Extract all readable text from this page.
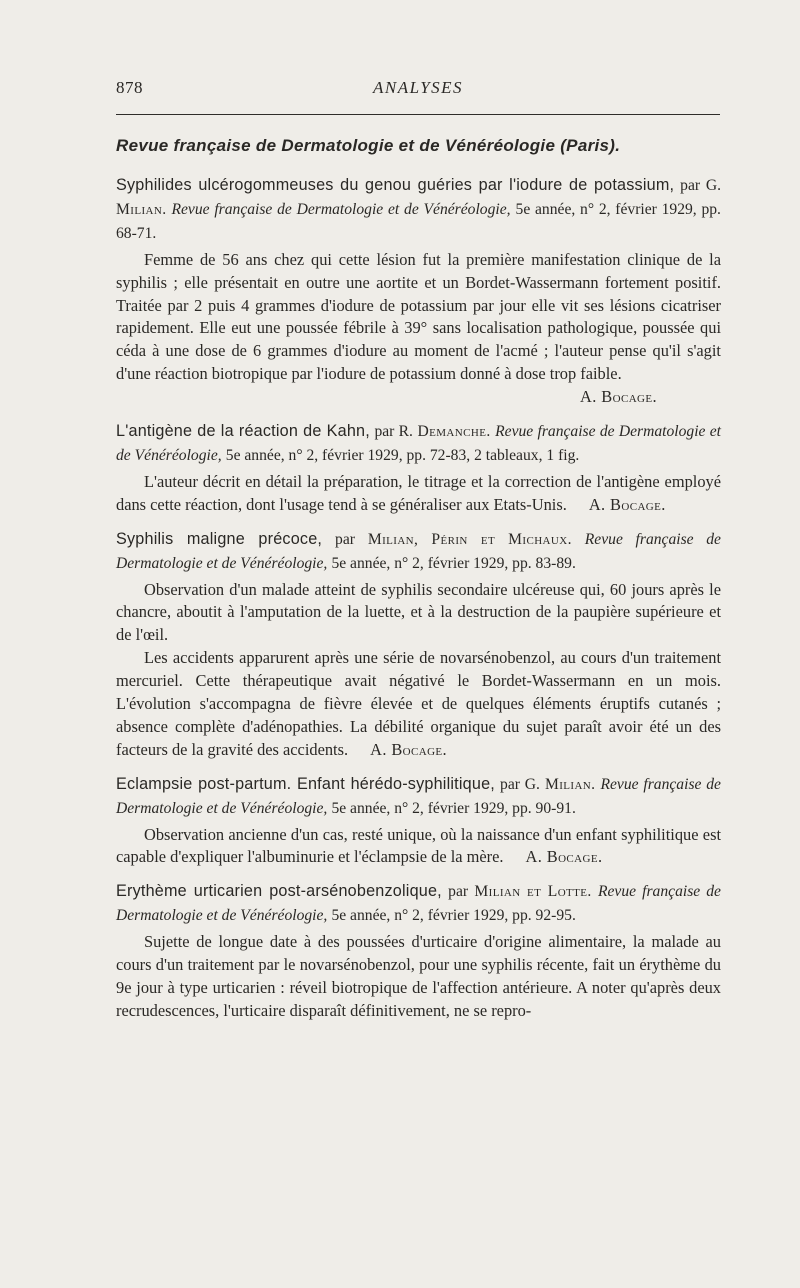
878	ANALYSES
Revue française de Dermatologie et de Vénéréologie (Paris).
Syphilides ulcérogommeuses du genou guéries par l'iodure de potassium, par G. Milian. Revue française de Dermatologie et de Vénéréologie, 5e année, n° 2, février 1929, pp. 68-71.

Femme de 56 ans chez qui cette lésion fut la première manifestation clinique de la syphilis ; elle présentait en outre une aortite et un Bordet-Wassermann fortement positif. Traitée par 2 puis 4 grammes d'iodure de potassium par jour elle vit ses lésions cicatriser rapidement. Elle eut une poussée fébrile à 39° sans localisation pathologique, poussée qui céda à une dose de 6 grammes d'iodure au moment de l'acmé ; l'auteur pense qu'il s'agit d'une réaction biotropique par l'iodure de potassium donné à dose trop faible.

A. Bocage.

L'antigène de la réaction de Kahn, par R. Demanche. Revue française de Dermatologie et de Vénéréologie, 5e année, n° 2, février 1929, pp. 72-83, 2 tableaux, 1 fig.

L'auteur décrit en détail la préparation, le titrage et la correction de l'antigène employé dans cette réaction, dont l'usage tend à se généraliser aux Etats-Unis. A. Bocage.

Syphilis maligne précoce, par Milian, Périn et Michaux. Revue française de Dermatologie et de Vénéréologie, 5e année, n° 2, février 1929, pp. 83-89.

Observation d'un malade atteint de syphilis secondaire ulcéreuse qui, 60 jours après le chancre, aboutit à l'amputation de la luette, et à la destruction de la paupière supérieure et de l'œil.

Les accidents apparurent après une série de novarsénobenzol, au cours d'un traitement mercuriel. Cette thérapeutique avait négativé le Bordet-Wassermann en un mois. L'évolution s'accompagna de fièvre élevée et de quelques éléments éruptifs cutanés ; absence complète d'adénopathies. La débilité organique du sujet paraît avoir été un des facteurs de la gravité des accidents. A. Bocage.

Eclampsie post-partum. Enfant hérédo-syphilitique, par G. Milian. Revue française de Dermatologie et de Vénéréologie, 5e année, n° 2, février 1929, pp. 90-91.

Observation ancienne d'un cas, resté unique, où la naissance d'un enfant syphilitique est capable d'expliquer l'albuminurie et l'éclampsie de la mère. A. Bocage.

Erythème urticarien post-arsénobenzolique, par Milian et Lotte. Revue française de Dermatologie et de Vénéréologie, 5e année, n° 2, février 1929, pp. 92-95.

Sujette de longue date à des poussées d'urticaire d'origine alimentaire, la malade au cours d'un traitement par le novarsénobenzol, pour une syphilis récente, fait un érythème du 9e jour à type urticarien : réveil biotropique de l'affection antérieure. A noter qu'après deux recrudescences, l'urticaire disparaît définitivement, ne se repro-
